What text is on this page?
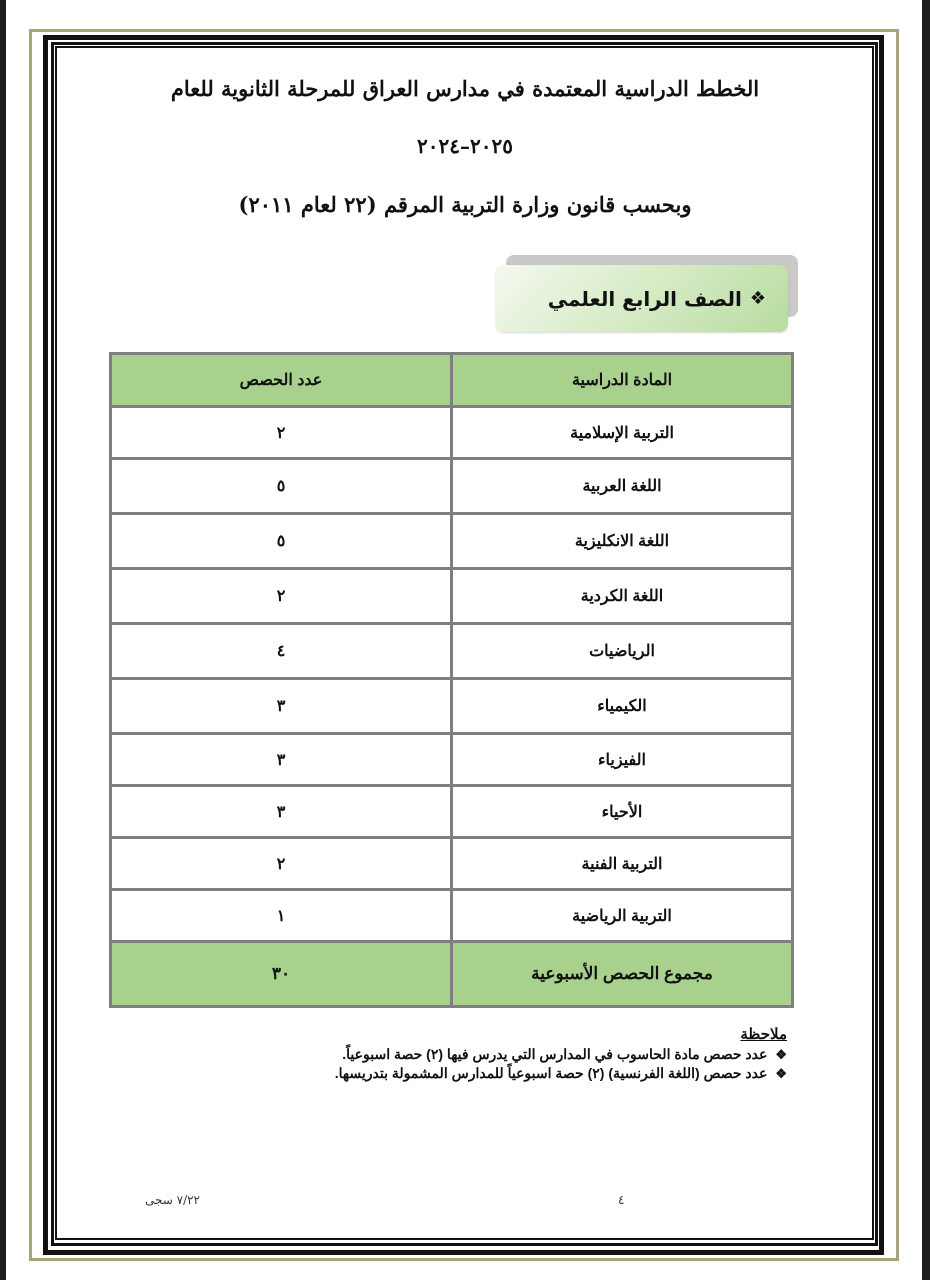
الخطط الدراسية المعتمدة في مدارس العراق للمرحلة الثانوية للعام
٢٠٢٥–٢٠٢٤
وبحسب قانون وزارة التربية المرقم (٢٢ لعام ٢٠١١)
❖
الصف الرابع العلمي
المادة الدراسية	عدد الحصص
التربية الإسلامية	٢
اللغة العربية	٥
اللغة الانكليزية	٥
اللغة الكردية	٢
الرياضيات	٤
الكيمياء	٣
الفيزياء	٣
الأحياء	٣
التربية الفنية	٢
التربية الرياضية	١
مجموع الحصص الأسبوعية	٣٠
ملاحظة
❖عدد حصص مادة الحاسوب في المدارس التي يدرس فيها (٢) حصة اسبوعياً.
❖عدد حصص (اللغة الفرنسية) (٢) حصة اسبوعياً للمدارس المشمولة بتدريسها.
٤
٧/٢٢ سجى
